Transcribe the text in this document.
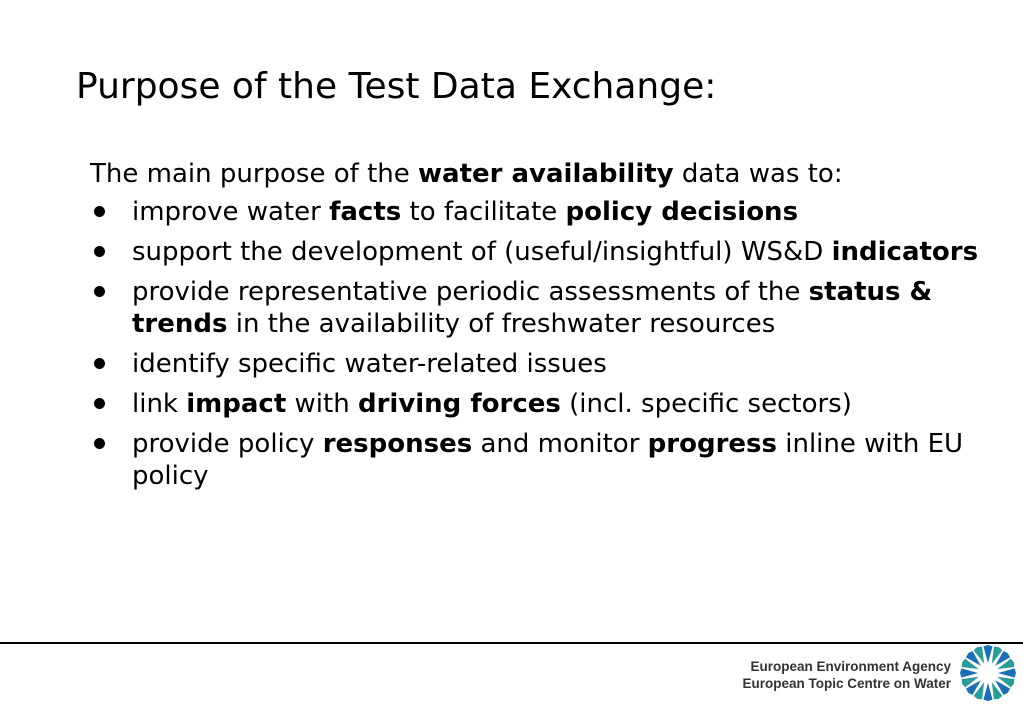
Purpose of the Test Data Exchange:
The main purpose of the water availability data was to:
improve water facts to facilitate policy decisions
support the development of (useful/insightful) WS&D indicators
provide representative periodic assessments of the status & trends in the availability of freshwater resources
identify specific water-related issues
link impact with driving forces (incl. specific sectors)
provide policy responses and monitor progress inline with EU policy
European Environment Agency
European Topic Centre on Water
